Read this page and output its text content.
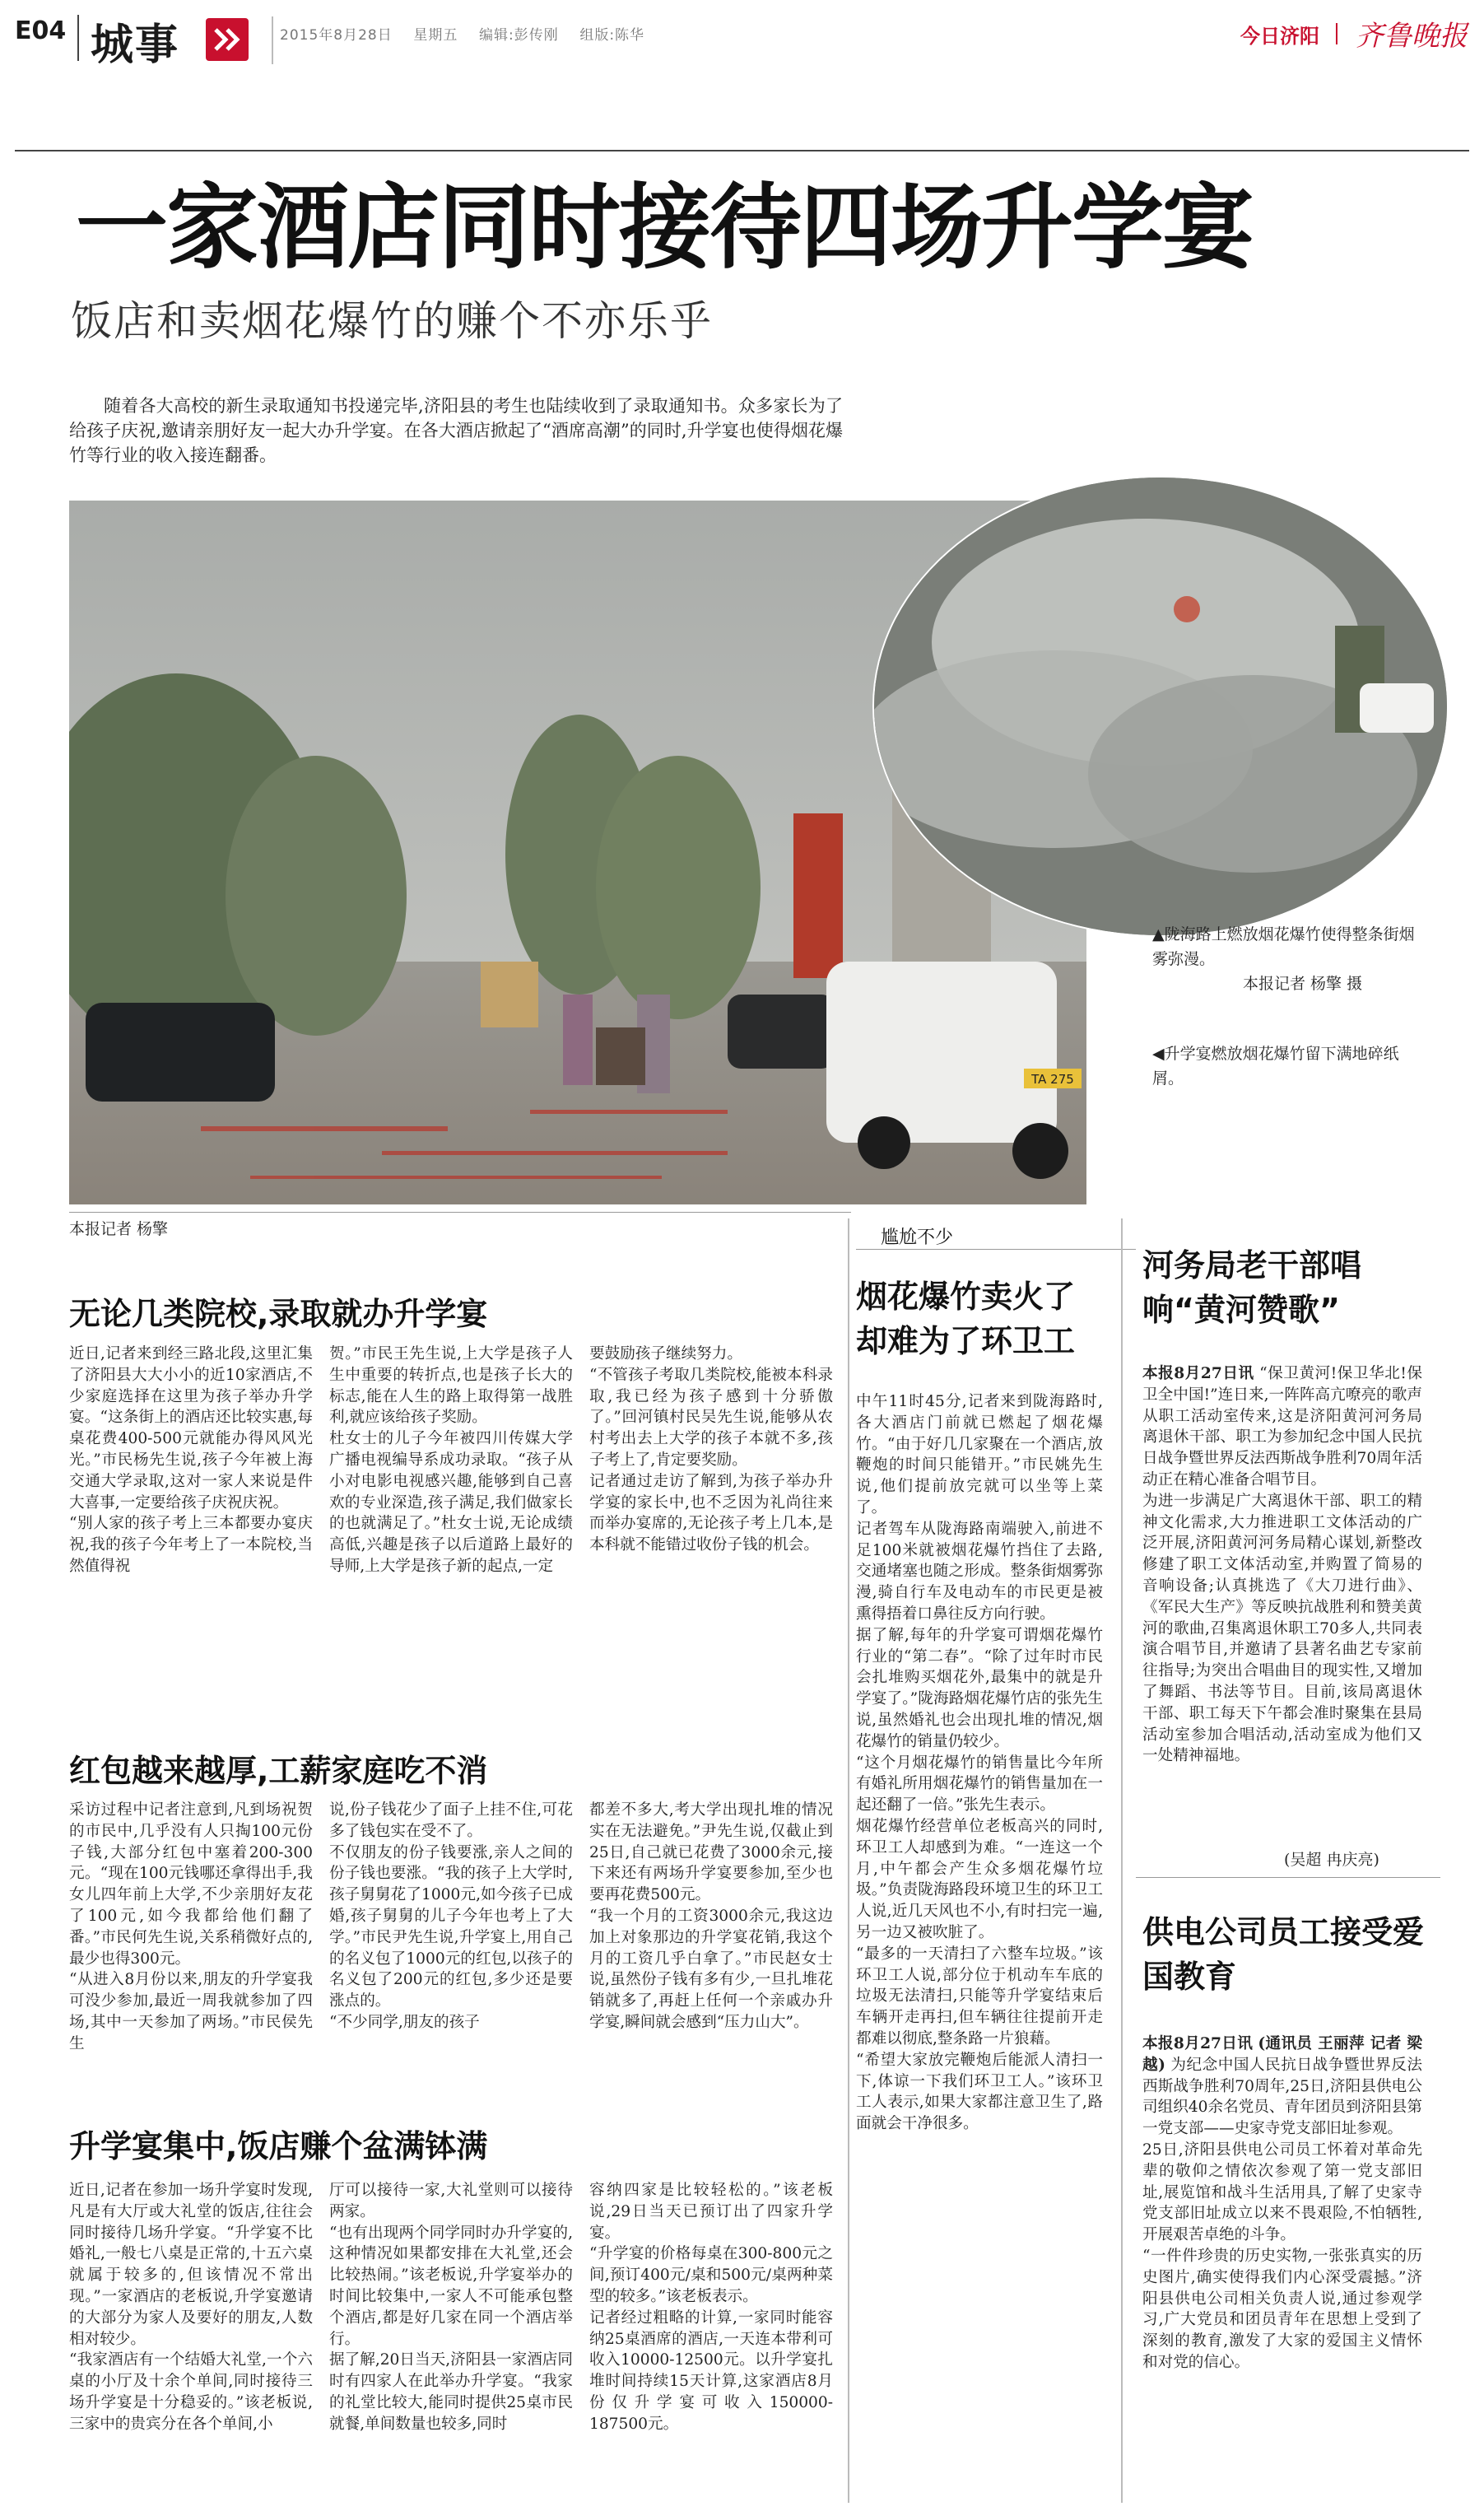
E04 城事	2015年8月28日 星期五 编辑:彭传刚 组版:陈华	今日济阳 齐鲁晚报
一家酒店同时接待四场升学宴
饭店和卖烟花爆竹的赚个不亦乐乎
随着各大高校的新生录取通知书投递完毕,济阳县的考生也陆续收到了录取通知书。众多家长为了给孩子庆祝,邀请亲朋好友一起大办升学宴。在各大酒店掀起了“酒席高潮”的同时,升学宴也使得烟花爆竹等行业的收入接连翻番。
TA 275
▲陇海路上燃放烟花爆竹使得整条街烟雾弥漫。
本报记者 杨擎 摄
◀升学宴燃放烟花爆竹留下满地碎纸屑。
本报记者 杨擎
无论几类院校,录取就办升学宴
近日,记者来到经三路北段,这里汇集了济阳县大大小小的近10家酒店,不少家庭选择在这里为孩子举办升学宴。“这条街上的酒店还比较实惠,每桌花费400-500元就能办得风风光光。”市民杨先生说,孩子今年被上海交通大学录取,这对一家人来说是件大喜事,一定要给孩子庆祝庆祝。
“别人家的孩子考上三本都要办宴庆祝,我的孩子今年考上了一本院校,当然值得祝
贺。”市民王先生说,上大学是孩子人生中重要的转折点,也是孩子长大的标志,能在人生的路上取得第一战胜利,就应该给孩子奖励。
杜女士的儿子今年被四川传媒大学广播电视编导系成功录取。“孩子从小对电影电视感兴趣,能够到自己喜欢的专业深造,孩子满足,我们做家长的也就满足了。”杜女士说,无论成绩高低,兴趣是孩子以后道路上最好的导师,上大学是孩子新的起点,一定
要鼓励孩子继续努力。
“不管孩子考取几类院校,能被本科录取,我已经为孩子感到十分骄傲了。”回河镇村民吴先生说,能够从农村考出去上大学的孩子本就不多,孩子考上了,肯定要奖励。
记者通过走访了解到,为孩子举办升学宴的家长中,也不乏因为礼尚往来而举办宴席的,无论孩子考上几本,是本科就不能错过收份子钱的机会。
红包越来越厚,工薪家庭吃不消
采访过程中记者注意到,凡到场祝贺的市民中,几乎没有人只掏100元份子钱,大部分红包中塞着200-300元。“现在100元钱哪还拿得出手,我女儿四年前上大学,不少亲朋好友花了100元,如今我都给他们翻了番。”市民何先生说,关系稍微好点的,最少也得300元。
“从进入8月份以来,朋友的升学宴我可没少参加,最近一周我就参加了四场,其中一天参加了两场。”市民侯先生
说,份子钱花少了面子上挂不住,可花多了钱包实在受不了。
不仅朋友的份子钱要涨,亲人之间的份子钱也要涨。“我的孩子上大学时,孩子舅舅花了1000元,如今孩子已成婚,孩子舅舅的儿子今年也考上了大学。”市民尹先生说,升学宴上,用自己的名义包了1000元的红包,以孩子的名义包了200元的红包,多少还是要涨点的。
“不少同学,朋友的孩子
都差不多大,考大学出现扎堆的情况实在无法避免。”尹先生说,仅截止到25日,自己就已花费了3000余元,接下来还有两场升学宴要参加,至少也要再花费500元。
“我一个月的工资3000余元,我这边加上对象那边的升学宴花销,我这个月的工资几乎白拿了。”市民赵女士说,虽然份子钱有多有少,一旦扎堆花销就多了,再赶上任何一个亲戚办升学宴,瞬间就会感到“压力山大”。
升学宴集中,饭店赚个盆满钵满
近日,记者在参加一场升学宴时发现,凡是有大厅或大礼堂的饭店,往往会同时接待几场升学宴。“升学宴不比婚礼,一般七八桌是正常的,十五六桌就属于较多的,但该情况不常出现。”一家酒店的老板说,升学宴邀请的大部分为家人及要好的朋友,人数相对较少。
“我家酒店有一个结婚大礼堂,一个六桌的小厅及十余个单间,同时接待三场升学宴是十分稳妥的。”该老板说,三家中的贵宾分在各个单间,小
厅可以接待一家,大礼堂则可以接待两家。
“也有出现两个同学同时办升学宴的,这种情况如果都安排在大礼堂,还会比较热闹。”该老板说,升学宴举办的时间比较集中,一家人不可能承包整个酒店,都是好几家在同一个酒店举行。
据了解,20日当天,济阳县一家酒店同时有四家人在此举办升学宴。“我家的礼堂比较大,能同时提供25桌市民就餐,单间数量也较多,同时
容纳四家是比较轻松的。”该老板说,29日当天已预订出了四家升学宴。
“升学宴的价格每桌在300-800元之间,预订400元/桌和500元/桌两种菜型的较多。”该老板表示。
记者经过粗略的计算,一家同时能容纳25桌酒席的酒店,一天连本带利可收入10000-12500元。以升学宴扎堆时间持续15天计算,这家酒店8月份仅升学宴可收入150000-187500元。
尴尬不少
烟花爆竹卖火了却难为了环卫工
中午11时45分,记者来到陇海路时,各大酒店门前就已燃起了烟花爆竹。“由于好几几家聚在一个酒店,放鞭炮的时间只能错开。”市民姚先生说,他们提前放完就可以坐等上菜了。
记者驾车从陇海路南端驶入,前进不足100米就被烟花爆竹挡住了去路,交通堵塞也随之形成。整条街烟雾弥漫,骑自行车及电动车的市民更是被熏得捂着口鼻往反方向行驶。
据了解,每年的升学宴可谓烟花爆竹行业的“第二春”。“除了过年时市民会扎堆购买烟花外,最集中的就是升学宴了。”陇海路烟花爆竹店的张先生说,虽然婚礼也会出现扎堆的情况,烟花爆竹的销量仍较少。
“这个月烟花爆竹的销售量比今年所有婚礼所用烟花爆竹的销售量加在一起还翻了一倍。”张先生表示。
烟花爆竹经营单位老板高兴的同时,环卫工人却感到为难。“一连这一个月,中午都会产生众多烟花爆竹垃圾。”负责陇海路段环境卫生的环卫工人说,近几天风也不小,有时扫完一遍,另一边又被吹脏了。
“最多的一天清扫了六整车垃圾。”该环卫工人说,部分位于机动车车底的垃圾无法清扫,只能等升学宴结束后车辆开走再扫,但车辆往往提前开走都难以彻底,整条路一片狼藉。
“希望大家放完鞭炮后能派人清扫一下,体谅一下我们环卫工人。”该环卫工人表示,如果大家都注意卫生了,路面就会干净很多。
河务局老干部唱响“黄河赞歌”
本报8月27日讯 “保卫黄河!保卫华北!保卫全中国!”连日来,一阵阵高亢嘹亮的歌声从职工活动室传来,这是济阳黄河河务局离退休干部、职工为参加纪念中国人民抗日战争暨世界反法西斯战争胜利70周年活动正在精心准备合唱节目。
为进一步满足广大离退休干部、职工的精神文化需求,大力推进职工文体活动的广泛开展,济阳黄河河务局精心谋划,新整改修建了职工文体活动室,并购置了简易的音响设备;认真挑选了《大刀进行曲》、《军民大生产》等反映抗战胜利和赞美黄河的歌曲,召集离退休职工70多人,共同表演合唱节目,并邀请了县著名曲艺专家前往指导;为突出合唱曲目的现实性,又增加了舞蹈、书法等节目。目前,该局离退休干部、职工每天下午都会准时聚集在县局活动室参加合唱活动,活动室成为他们又一处精神福地。
(吴超 冉庆亮)
供电公司员工接受爱国教育
本报8月27日讯 (通讯员 王丽萍 记者 梁越) 为纪念中国人民抗日战争暨世界反法西斯战争胜利70周年,25日,济阳县供电公司组织40余名党员、青年团员到济阳县第一党支部——史家寺党支部旧址参观。
25日,济阳县供电公司员工怀着对革命先辈的敬仰之情依次参观了第一党支部旧址,展览馆和战斗生活用具,了解了史家寺党支部旧址成立以来不畏艰险,不怕牺牲,开展艰苦卓绝的斗争。
“一件件珍贵的历史实物,一张张真实的历史图片,确实使得我们内心深受震撼。”济阳县供电公司相关负责人说,通过参观学习,广大党员和团员青年在思想上受到了深刻的教育,激发了大家的爱国主义情怀和对党的信心。
